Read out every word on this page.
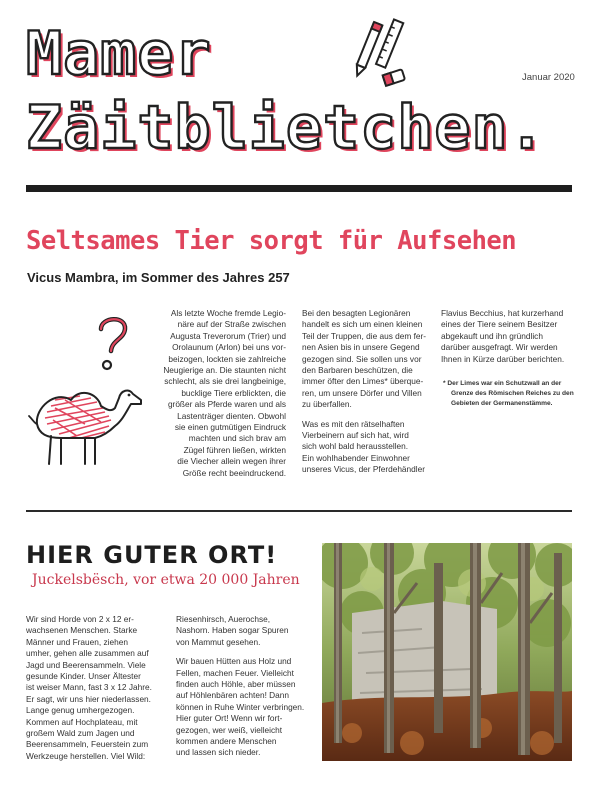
Mamer
Zäitblietchen.
Januar 2020
Seltsames Tier sorgt für Aufsehen
Vicus Mambra, im Sommer des Jahres 257
Als letzte Woche fremde Legio-
näre auf der Straße zwischen
Augusta Treverorum (Trier) und
Orolaunum (Arlon) bei uns vor-
beizogen, lockten sie zahlreiche
Neugierige an. Die staunten nicht
schlecht, als sie drei langbeinige,
bucklige Tiere erblickten, die
größer als Pferde waren und als
Lastenträger dienten. Obwohl
sie einen gutmütigen Eindruck
machten und sich brav am
Zügel führen ließen, wirkten
die Viecher allein wegen ihrer
Größe recht beeindruckend.

Bei den besagten Legionären
handelt es sich um einen kleinen
Teil der Truppen, die aus dem fer-
nen Asien bis in unsere Gegend
gezogen sind. Sie sollen uns vor
den Barbaren beschützen, die
immer öfter den Limes* überque-
ren, um unsere Dörfer und Villen
zu überfallen.

Was es mit den rätselhaften
Vierbeinern auf sich hat, wird
sich wohl bald herausstellen.
Ein wohlhabender Einwohner
unseres Vicus, der Pferdehändler

Flavius Becchius, hat kurzerhand
eines der Tiere seinem Besitzer
abgekauft und ihn gründlich
darüber ausgefragt. Wir werden
Ihnen in Kürze darüber berichten.
* Der Limes war ein Schutzwall an der
Grenze des Römischen Reiches zu den
Gebieten der Germanenstämme.
HIER GUTER ORT!
Juckelsbësch, vor etwa 20 000 Jahren
Wir sind Horde von 2 x 12 er-
wachsenen Menschen. Starke
Männer und Frauen, ziehen
umher, gehen alle zusammen auf
Jagd und Beerensammeln. Viele
gesunde Kinder. Unser Ältester
ist weiser Mann, fast 3 x 12 Jahre.
Er sagt, wir uns hier niederlassen.
Lange genug umhergezogen.
Kommen auf Hochplateau, mit
großem Wald zum Jagen und
Beerensammeln, Feuerstein zum
Werkzeuge herstellen. Viel Wild:

Riesenhirsch, Auerochse,
Nashorn. Haben sogar Spuren
von Mammut gesehen.

Wir bauen Hütten aus Holz und
Fellen, machen Feuer. Vielleicht
finden auch Höhle, aber müssen
auf Höhlenbären achten! Dann
können in Ruhe Winter verbringen.
Hier guter Ort! Wenn wir fort-
gezogen, wer weiß, vielleicht
kommen andere Menschen
und lassen sich nieder.
